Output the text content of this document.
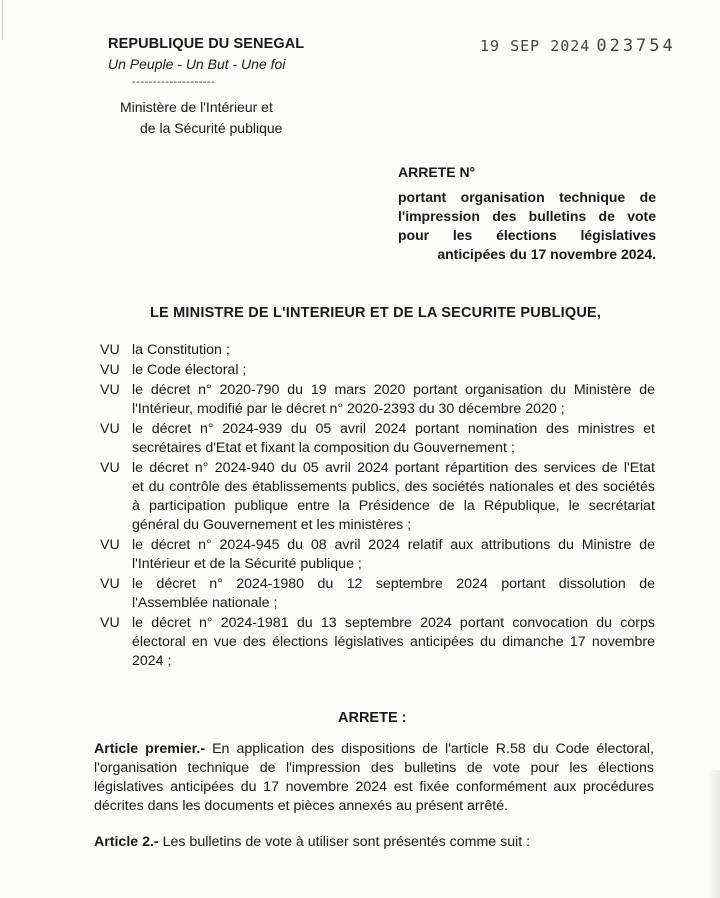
REPUBLIQUE DU SENEGAL
Un Peuple - Un But - Une foi
--------------------
Ministère de l'Intérieur et
de la Sécurité publique
19 SEP 2024 023754
ARRETE N°
portant organisation technique de
l'impression des bulletins de vote
pour les élections législatives
anticipées du 17 novembre 2024.
LE MINISTRE DE L'INTERIEUR ET DE LA SECURITE PUBLIQUE,
VU la Constitution ;
VU le Code électoral ;
VU le décret n° 2020-790 du 19 mars 2020 portant organisation du Ministère de
l'Intérieur, modifié par le décret n° 2020-2393 du 30 décembre 2020 ;
VU le décret n° 2024-939 du 05 avril 2024 portant nomination des ministres et
secrétaires d'Etat et fixant la composition du Gouvernement ;
VU le décret n° 2024-940 du 05 avril 2024 portant répartition des services de l'Etat
et du contrôle des établissements publics, des sociétés nationales et des sociétés
à participation publique entre la Présidence de la République, le secrétariat
général du Gouvernement et les ministères ;
VU le décret n° 2024-945 du 08 avril 2024 relatif aux attributions du Ministre de
l'Intérieur et de la Sécurité publique ;
VU le décret n° 2024-1980 du 12 septembre 2024 portant dissolution de
l'Assemblée nationale ;
VU le décret n° 2024-1981 du 13 septembre 2024 portant convocation du corps
électoral en vue des élections législatives anticipées du dimanche 17 novembre
2024 ;
ARRETE :
Article premier.- En application des dispositions de l'article R.58 du Code électoral,
l'organisation technique de l'impression des bulletins de vote pour les élections
législatives anticipées du 17 novembre 2024 est fixée conformément aux procédures
décrites dans les documents et pièces annexés au présent arrêté.
Article 2.- Les bulletins de vote à utiliser sont présentés comme suit :
